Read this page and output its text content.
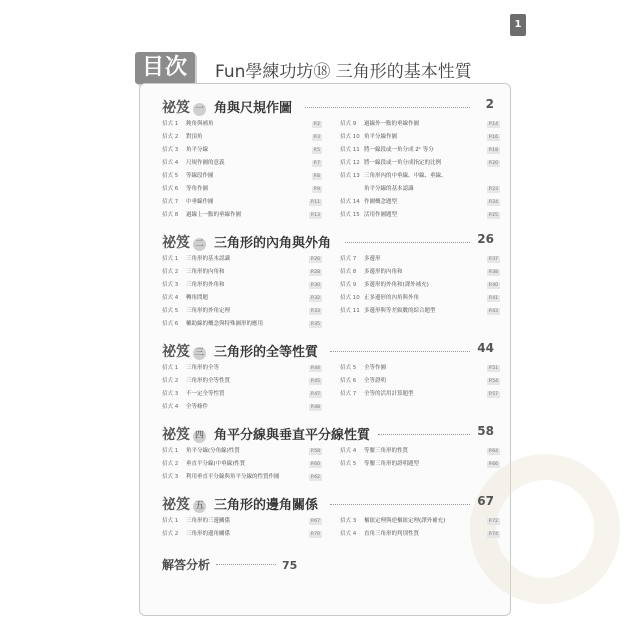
1
目次	Fun學練功坊⑱ 三角形的基本性質
祕笈 一 角與尺規作圖	2
招式 1 鈍角與補角	P.2
招式 2 對頂角	P.3
招式 3 角平分線	P.5
招式 4 尺規作圖的意義	P.7
招式 5 等線段作圖	P.8
招式 6 等角作圖	P.9
招式 7 中垂線作圖	P.11
招式 8 過線上一點的垂線作圖	P.13
招式 9 過線外一點的垂線作圖	P.14
招式 10 角平分線作圖	P.16
招式 11 將一線段或一角分成 2ⁿ 等分	P.18
招式 12 將一線段或一角分成指定的比例	P.20
招式 13 三角形內的中垂線、中線、垂線、
角平分線的基本認識	P.23
招式 14 作圖概念題型	P.24
招式 15 活用作圖題型	P.25
祕笈 二 三角形的內角與外角	26
招式 1 三角形的基本認識	P.26
招式 2 三角形的內角和	P.28
招式 3 三角形的外角和	P.30
招式 4 轉角問題	P.32
招式 5 三角形的外角定理	P.33
招式 6 輔助線的概念與特殊圖形的應用	P.35
招式 7 多邊形	P.37
招式 8 多邊形的內角和	P.38
招式 9 多邊形的外角和(譯外補充)	P.40
招式 10 正多邊形的內角與外角	P.41
招式 11 多邊形與等差級數的綜合題型	P.43
祕笈 三 三角形的全等性質	44
招式 1 三角形的全等	P.44
招式 2 三角形的全等性質	P.45
招式 3 不一定全等性質	P.47
招式 4 全等條件	P.48
招式 5 全等作圖	P.51
招式 6 全等證明	P.54
招式 7 全等的活用計算題型	P.57
祕笈 四 角平分線與垂直平分線性質	58
招式 1 角平分線(分角線)性質	P.58
招式 2 垂直平分線(中垂線)性質	P.60
招式 3 利用垂直平分線與角平分線的性質作圖	P.62
招式 4 等腰三角形的性質	P.64
招式 5 等腰三角形的證明題型	P.66
祕笈 五 三角形的邊角關係	67
招式 1 三角形的三邊關係	P.67
招式 2 三角形的邊角關係	P.70
招式 3 樞紐定理與逆樞紐定理(譯外補充)	P.72
招式 4 直角三角形的判別性質	P.74
解答分析	75
